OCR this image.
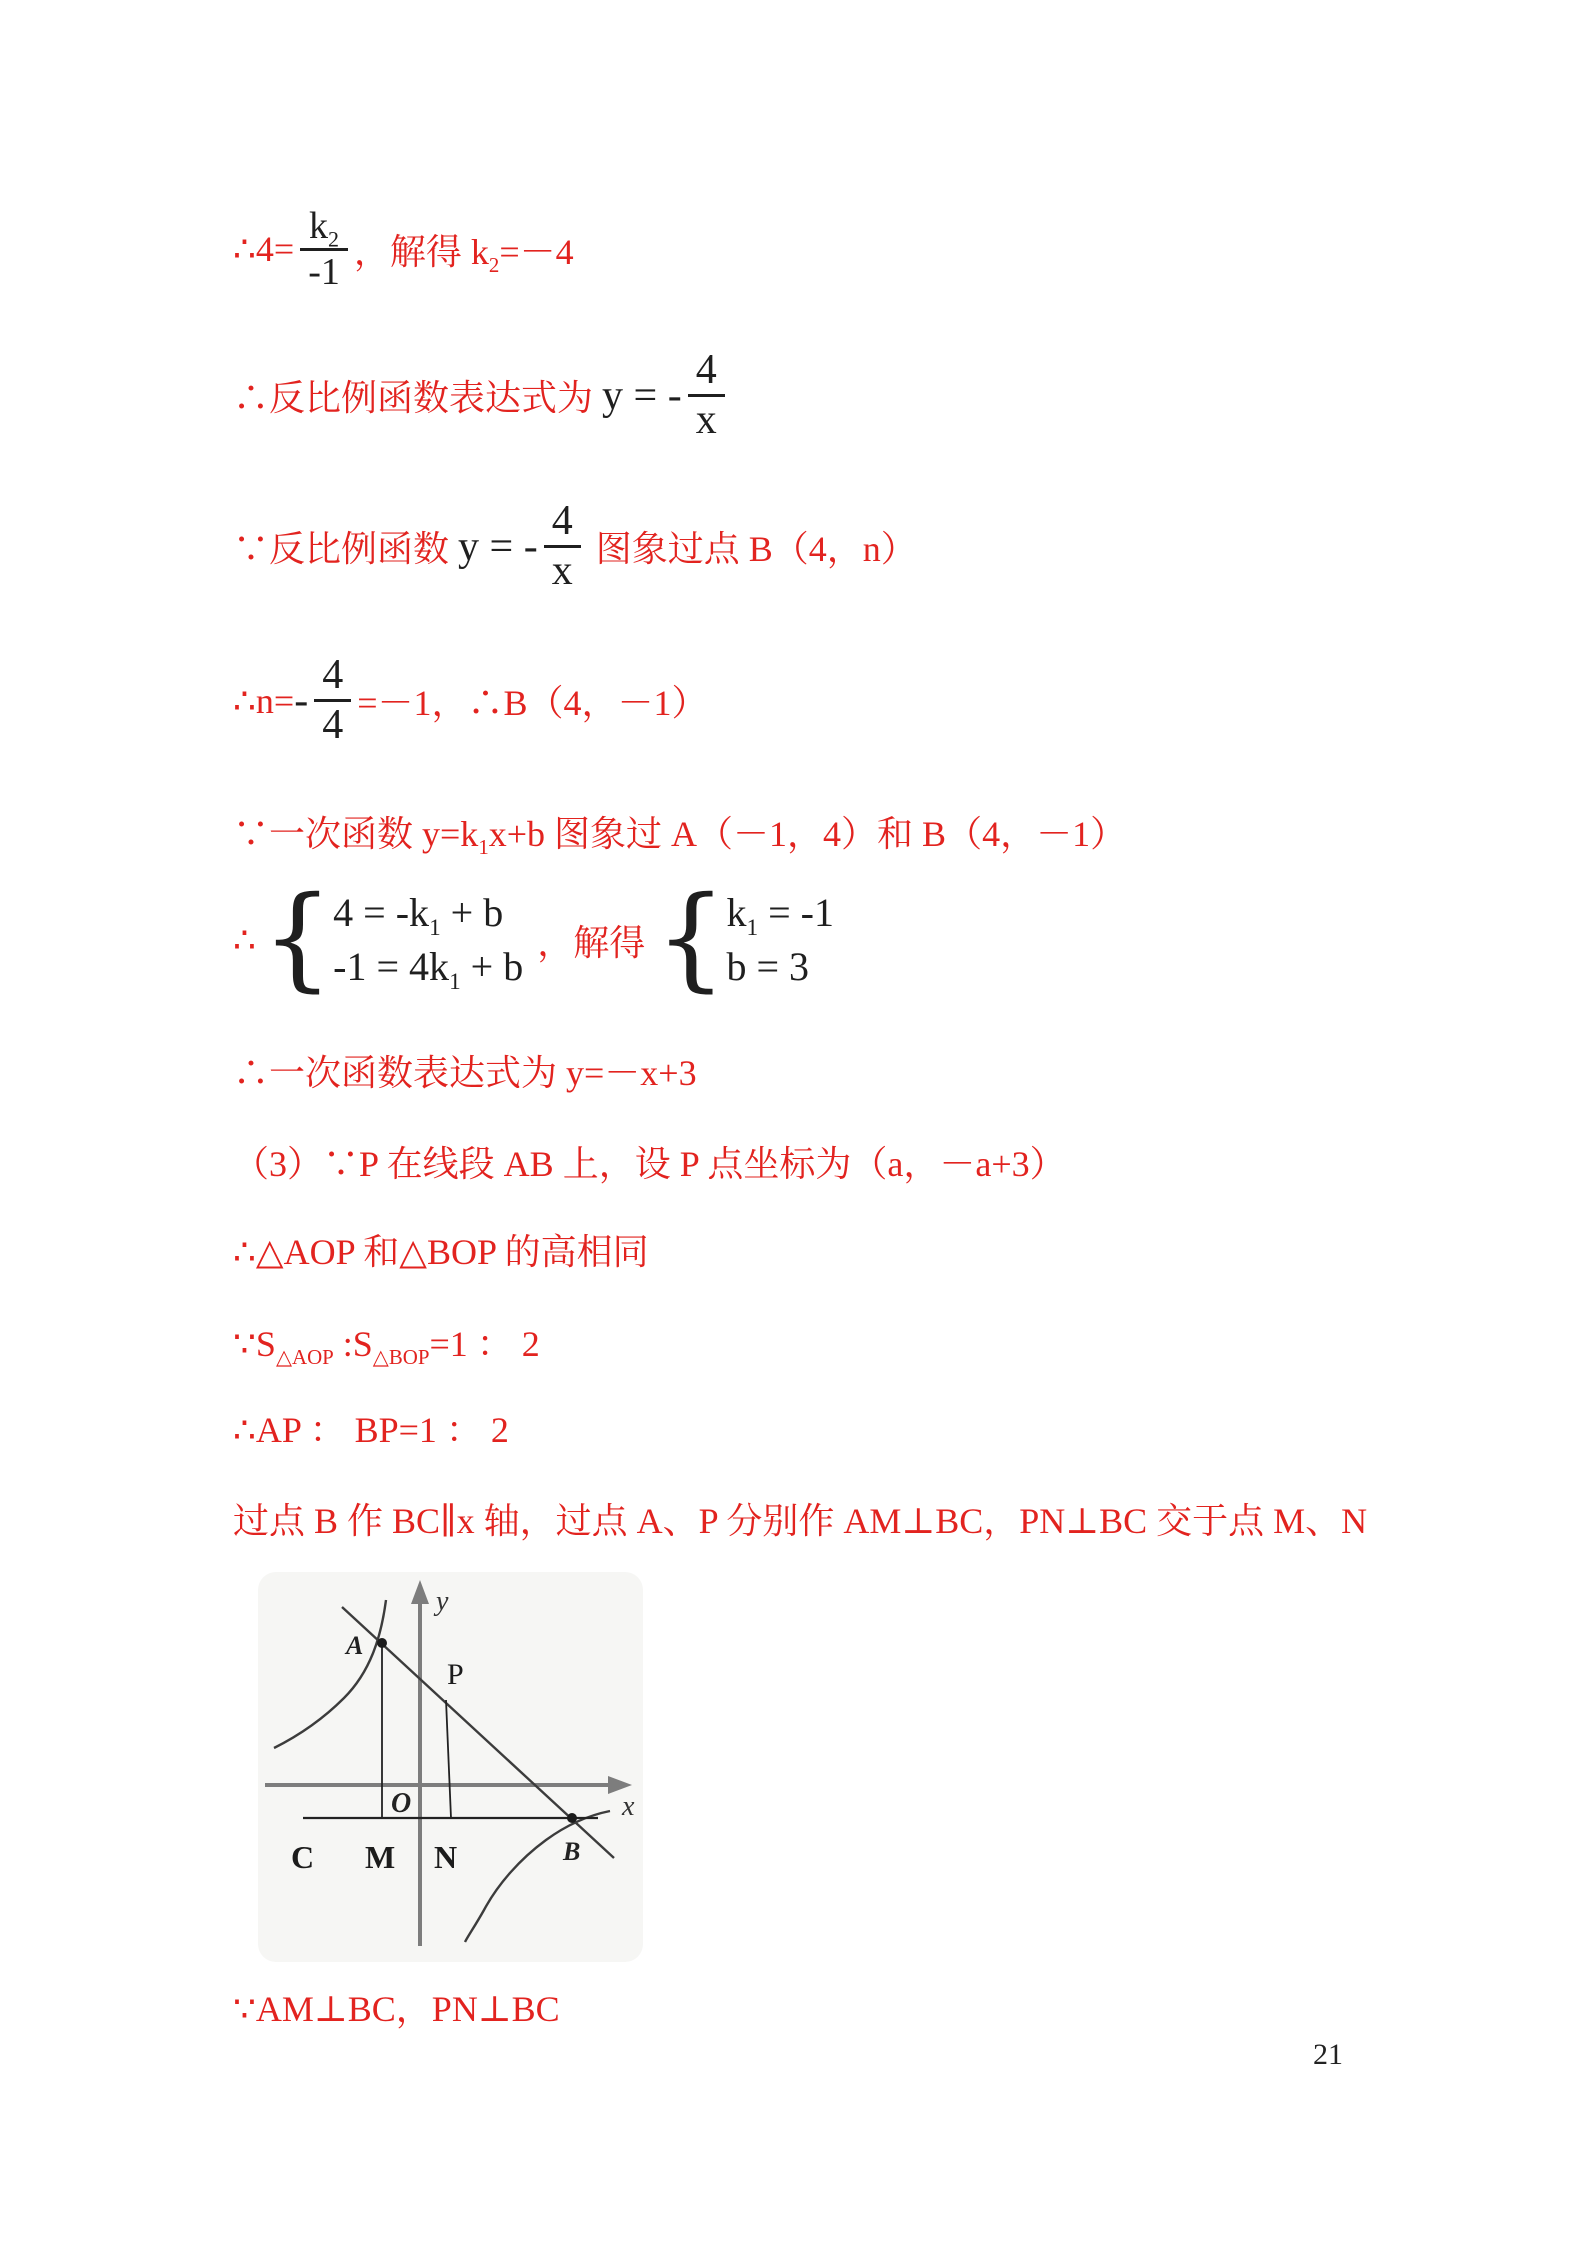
∴4= $\frac{k_2}{-1}$ ，解得 $k_2=-4$
∴反比例函数表达式为 y = - $\frac{4}{x}$
∵反比例函数 y = - $\frac{4}{x}$ 图象过点 B（4，n）
∴n= - $\frac{4}{4} =-1$，∴B（4，－1）
∵一次函数 $y=k_1x+b$ 图象过 A（－1，4）和 B（4，－1）
∴ { $4 = -k_1 + b$
$-1 = 4k_1 + b$
，解得 { $k_1 = -1$
b = 3
∴一次函数表达式为 y=－x+3
（3）∵P 在线段 AB 上，设 P 点坐标为（a，－a+3）
∴△AOP 和△BOP 的高相同
$\because S_{\triangle AOP}$ $:S_{\triangle BOP}=1$ ： 2
∴AP ： BP=1 ： 2
过点 B 作 BC∥x 轴，过点 A、P 分别作 AM⊥BC，PN⊥BC 交于点 M、N
y
x
A
P
O
C M N	B
∵AM⊥BC，PN⊥BC
21
